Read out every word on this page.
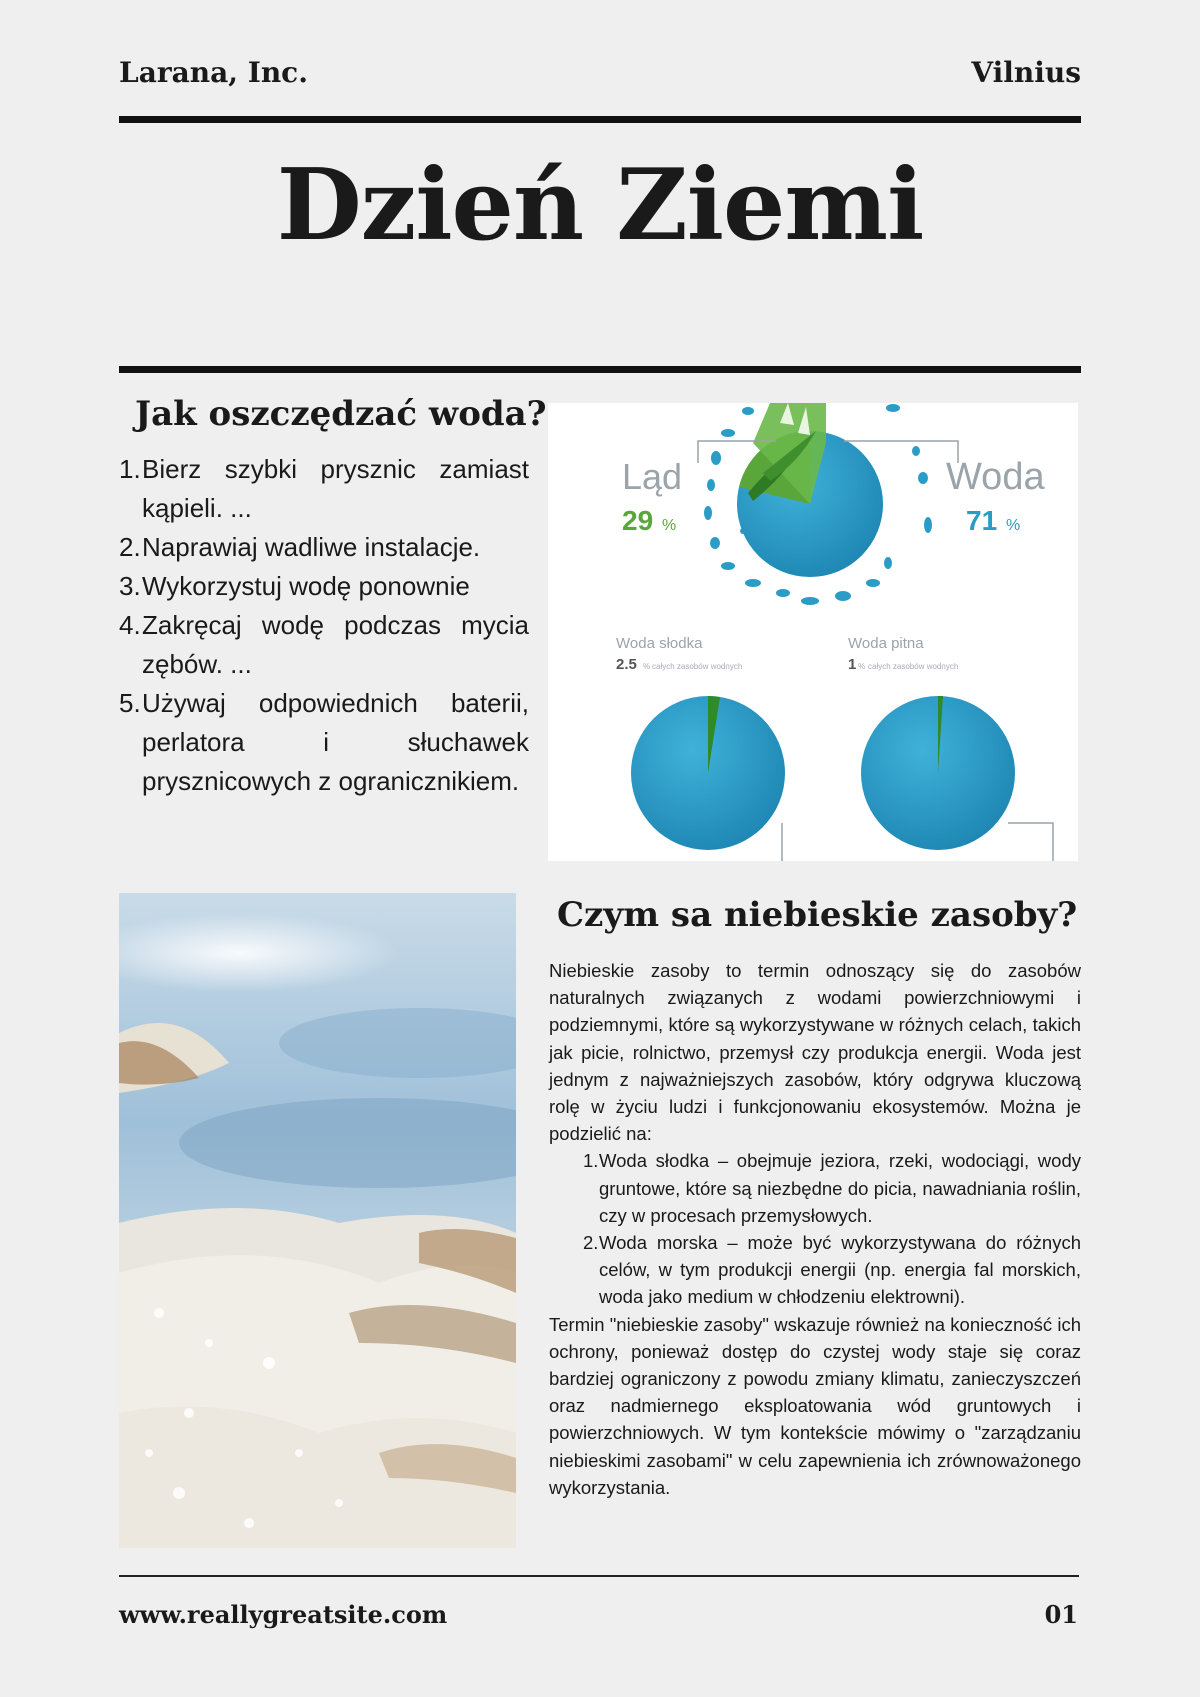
Larana, Inc.	Vilnius
Dzień Ziemi
Jak oszczędzać woda?
1. Bierz szybki prysznic zamiast kąpieli. ...
2. Naprawiaj wadliwe instalacje.
3. Wykorzystuj wodę ponownie
4. Zakręcaj wodę podczas mycia zębów. ...
5. Używaj odpowiednich baterii, perlatora i słuchawek prysznicowych z ogranicznikiem.
Ląd
29 %
Woda
71 %
Woda słodka
2.5 % całych zasobów wodnych
Woda pitna
1 % całych zasobów wodnych
Czym sa niebieskie zasoby?

Niebieskie zasoby to termin odnoszący się do zasobów naturalnych związanych z wodami powierzchniowymi i podziemnymi, które są wykorzystywane w różnych celach, takich jak picie, rolnictwo, przemysł czy produkcja energii. Woda jest jednym z najważniejszych zasobów, który odgrywa kluczową rolę w życiu ludzi i funkcjonowaniu ekosystemów. Można je podzielić na:

1. Woda słodka – obejmuje jeziora, rzeki, wodociągi, wody gruntowe, które są niezbędne do picia, nawadniania roślin, czy w procesach przemysłowych.
2. Woda morska – może być wykorzystywana do różnych celów, w tym produkcji energii (np. energia fal morskich, woda jako medium w chłodzeniu elektrowni).

Termin "niebieskie zasoby" wskazuje również na konieczność ich ochrony, ponieważ dostęp do czystej wody staje się coraz bardziej ograniczony z powodu zmiany klimatu, zanieczyszczeń oraz nadmiernego eksploatowania wód gruntowych i powierzchniowych. W tym kontekście mówimy o "zarządzaniu niebieskimi zasobami" w celu zapewnienia ich zrównoważonego wykorzystania.

www.reallygreatsite.com	01
